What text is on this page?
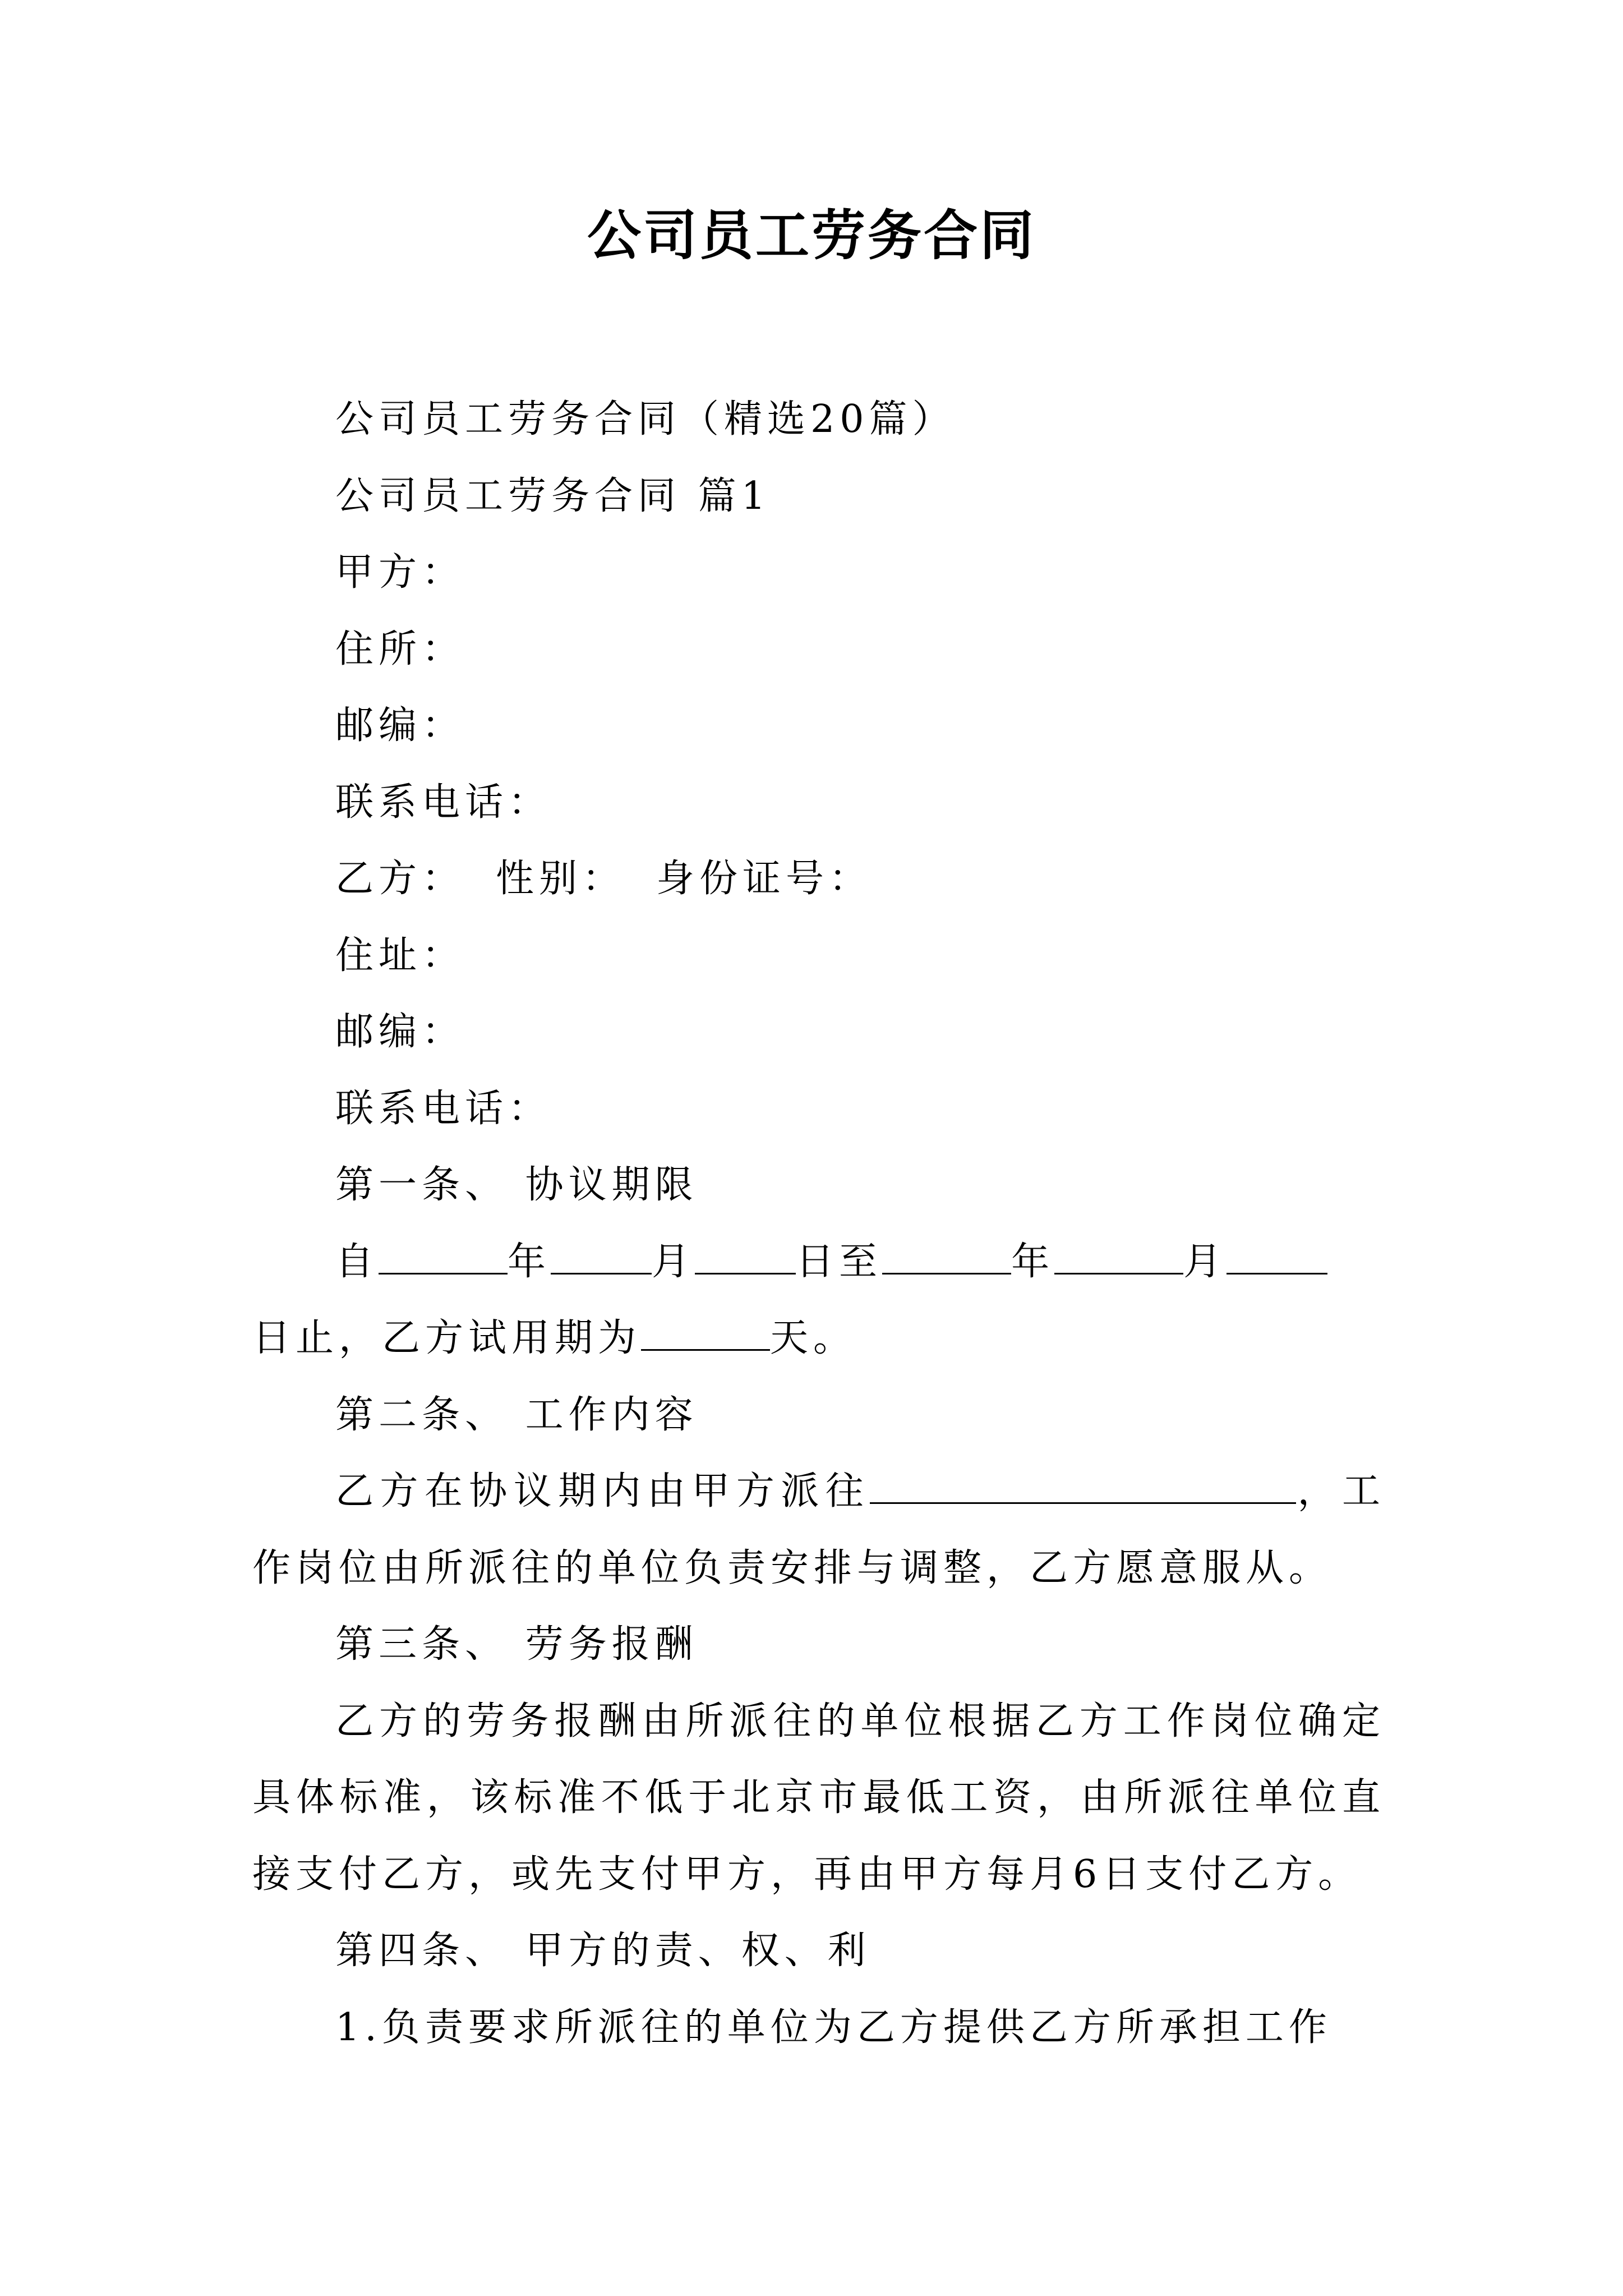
公司员工劳务合同

公司员工劳务合同（精选20篇）

公司员工劳务合同 篇1

甲方：

住所：

邮编：

联系电话：

乙方： 性别： 身份证号：

住址：

邮编：

联系电话：

第一条、 协议期限

自	年	月	日至	年	月

日止，乙方试用期为	天。

第二条、 工作内容

乙方在协议期内由甲方派往	，工作岗位由所派往的单位负责安排与调整，乙方愿意服从。

第三条、 劳务报酬

乙方的劳务报酬由所派往的单位根据乙方工作岗位确定具体标准，该标准不低于北京市最低工资，由所派往单位直接支付乙方，或先支付甲方，再由甲方每月6日支付乙方。

第四条、 甲方的责、权、利

1.负责要求所派往的单位为乙方提供乙方所承担工作
